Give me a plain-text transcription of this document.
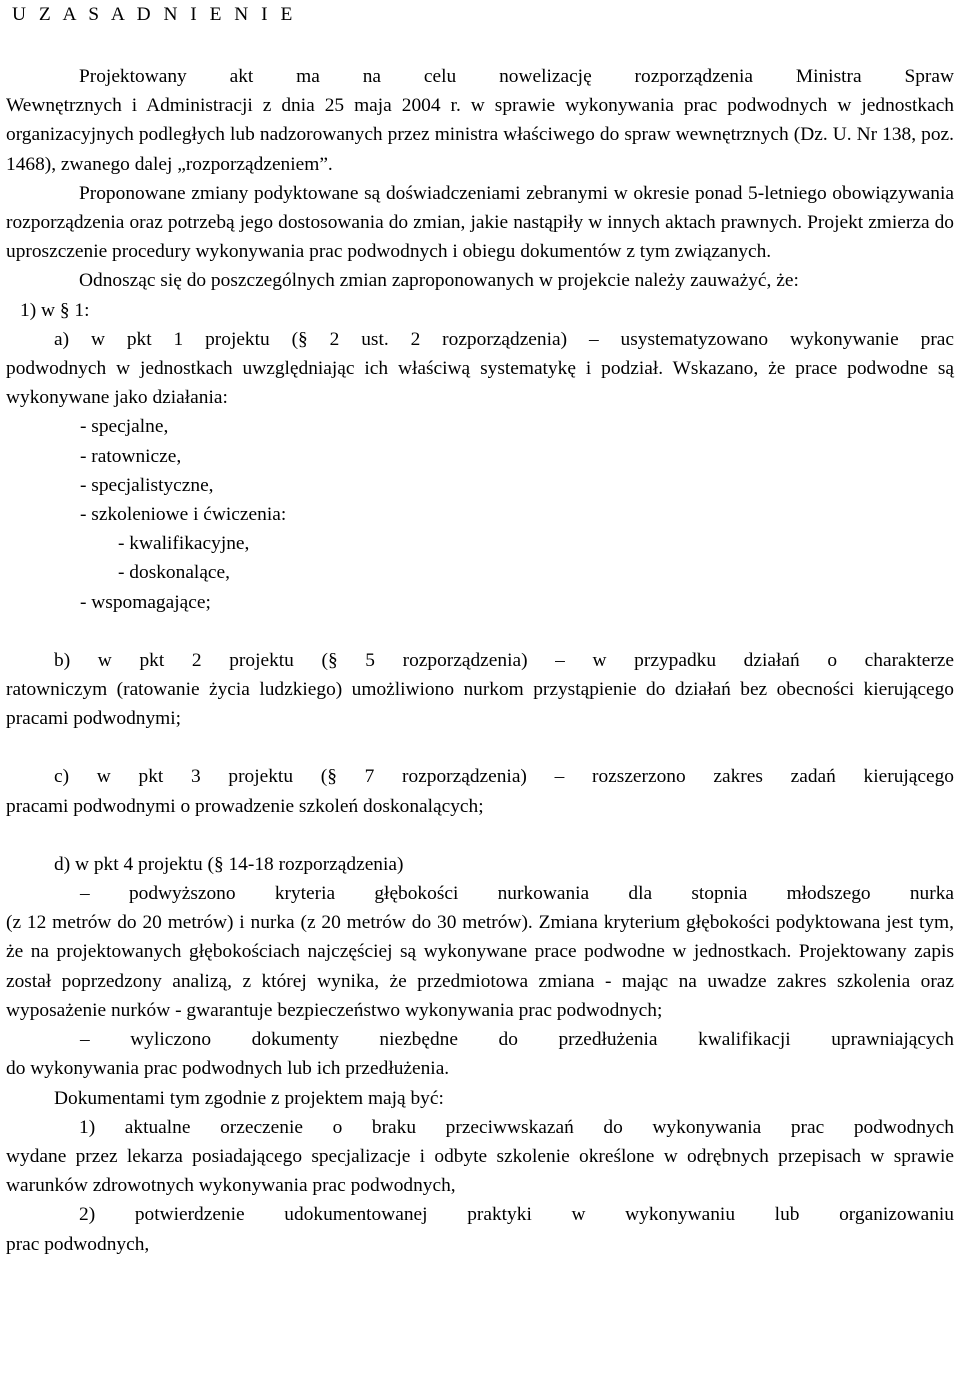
U Z A S A D N I E N I E
Projektowany akt ma na celu nowelizację rozporządzenia Ministra Spraw
Wewnętrznych i Administracji z dnia 25 maja 2004 r. w sprawie wykonywania prac podwodnych w jednostkach organizacyjnych podległych lub nadzorowanych przez ministra właściwego do spraw wewnętrznych (Dz. U. Nr 138, poz. 1468), zwanego dalej „rozporządzeniem”.
Proponowane zmiany podyktowane są doświadczeniami zebranymi w okresie ponad 5-letniego obowiązywania rozporządzenia oraz potrzebą jego dostosowania do zmian, jakie nastąpiły w innych aktach prawnych. Projekt zmierza do uproszczenie procedury wykonywania prac podwodnych i obiegu dokumentów z tym związanych.
Odnosząc się do poszczególnych zmian zaproponowanych w projekcie należy zauważyć, że:
1) w § 1:
a) w pkt 1 projektu (§ 2 ust. 2 rozporządzenia) – usystematyzowano wykonywanie prac
podwodnych w jednostkach uwzględniając ich właściwą systematykę i podział. Wskazano, że prace podwodne są wykonywane jako działania:
- specjalne,
- ratownicze,
- specjalistyczne,
- szkoleniowe i ćwiczenia:
- kwalifikacyjne,
- doskonalące,
- wspomagające;
b) w pkt 2 projektu (§ 5 rozporządzenia) – w przypadku działań o charakterze
ratowniczym (ratowanie życia ludzkiego) umożliwiono nurkom przystąpienie do działań bez obecności kierującego pracami podwodnymi;
c) w pkt 3 projektu (§ 7 rozporządzenia) – rozszerzono zakres zadań kierującego
pracami podwodnymi o prowadzenie szkoleń doskonalących;
d) w pkt 4 projektu (§ 14-18 rozporządzenia)
– podwyższono kryteria głębokości nurkowania dla stopnia młodszego nurka
(z 12 metrów do 20 metrów) i nurka (z 20 metrów do 30 metrów). Zmiana kryterium głębokości podyktowana jest tym, że na projektowanych głębokościach najczęściej są wykonywane prace podwodne w jednostkach. Projektowany zapis został poprzedzony analizą, z której wynika, że przedmiotowa zmiana - mając na uwadze zakres szkolenia oraz wyposażenie nurków - gwarantuje bezpieczeństwo wykonywania prac podwodnych;
– wyliczono dokumenty niezbędne do przedłużenia kwalifikacji uprawniających
do wykonywania prac podwodnych lub ich przedłużenia.
Dokumentami tym zgodnie z projektem mają być:
1) aktualne orzeczenie o braku przeciwwskazań do wykonywania prac podwodnych
wydane przez lekarza posiadającego specjalizacje i odbyte szkolenie określone w odrębnych przepisach w sprawie warunków zdrowotnych wykonywania prac podwodnych,
2) potwierdzenie udokumentowanej praktyki w wykonywaniu lub organizowaniu
prac podwodnych,
